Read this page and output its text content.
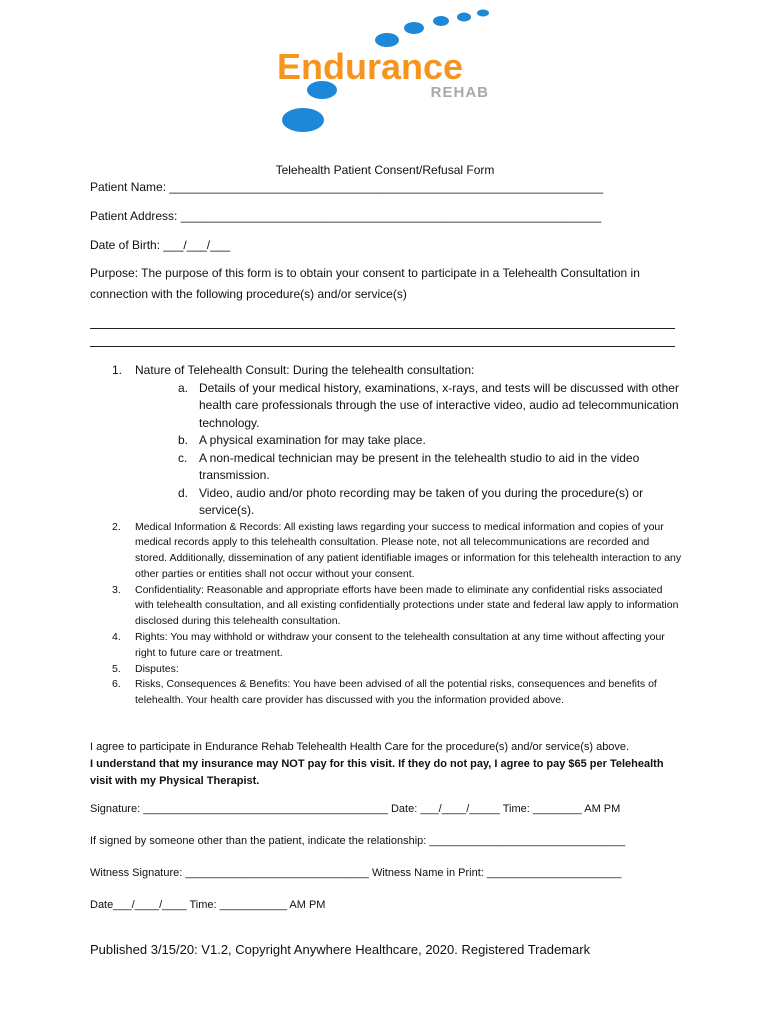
Endurance
REHAB
Telehealth Patient Consent/Refusal Form
Patient Name: _________________________________________________________________
Patient Address: _______________________________________________________________
Date of Birth: ___/___/___
Purpose: The purpose of this form is to obtain your consent to participate in a Telehealth Consultation in connection with the following procedure(s) and/or service(s)
1. Nature of Telehealth Consult: During the telehealth consultation:
a. Details of your medical history, examinations, x-rays, and tests will be discussed with other health care professionals through the use of interactive video, audio ad telecommunication technology.
b. A physical examination for may take place.
c. A non-medical technician may be present in the telehealth studio to aid in the video transmission.
d. Video, audio and/or photo recording may be taken of you during the procedure(s) or service(s).
2. Medical Information & Records: All existing laws regarding your success to medical information and copies of your medical records apply to this telehealth consultation. Please note, not all telecommunications are recorded and stored. Additionally, dissemination of any patient identifiable images or information for this telehealth interaction to any other parties or entities shall not occur without your consent.
3. Confidentiality: Reasonable and appropriate efforts have been made to eliminate any confidential risks associated with telehealth consultation, and all existing confidentially protections under state and federal law apply to information disclosed during this telehealth consultation.
4. Rights: You may withhold or withdraw your consent to the telehealth consultation at any time without affecting your right to future care or treatment.
5. Disputes:
6. Risks, Consequences & Benefits: You have been advised of all the potential risks, consequences and benefits of telehealth. Your health care provider has discussed with you the information provided above.
I agree to participate in Endurance Rehab Telehealth Health Care for the procedure(s) and/or service(s) above.
I understand that my insurance may NOT pay for this visit. If they do not pay, I agree to pay $65 per Telehealth visit with my Physical Therapist.
Signature: ________________________________________ Date: ___/____/_____ Time: ________ AM PM
If signed by someone other than the patient, indicate the relationship: ________________________________
Witness Signature: ______________________________ Witness Name in Print: ______________________
Date___/____/____ Time: ___________ AM PM
Published 3/15/20: V1.2, Copyright Anywhere Healthcare, 2020. Registered Trademark
